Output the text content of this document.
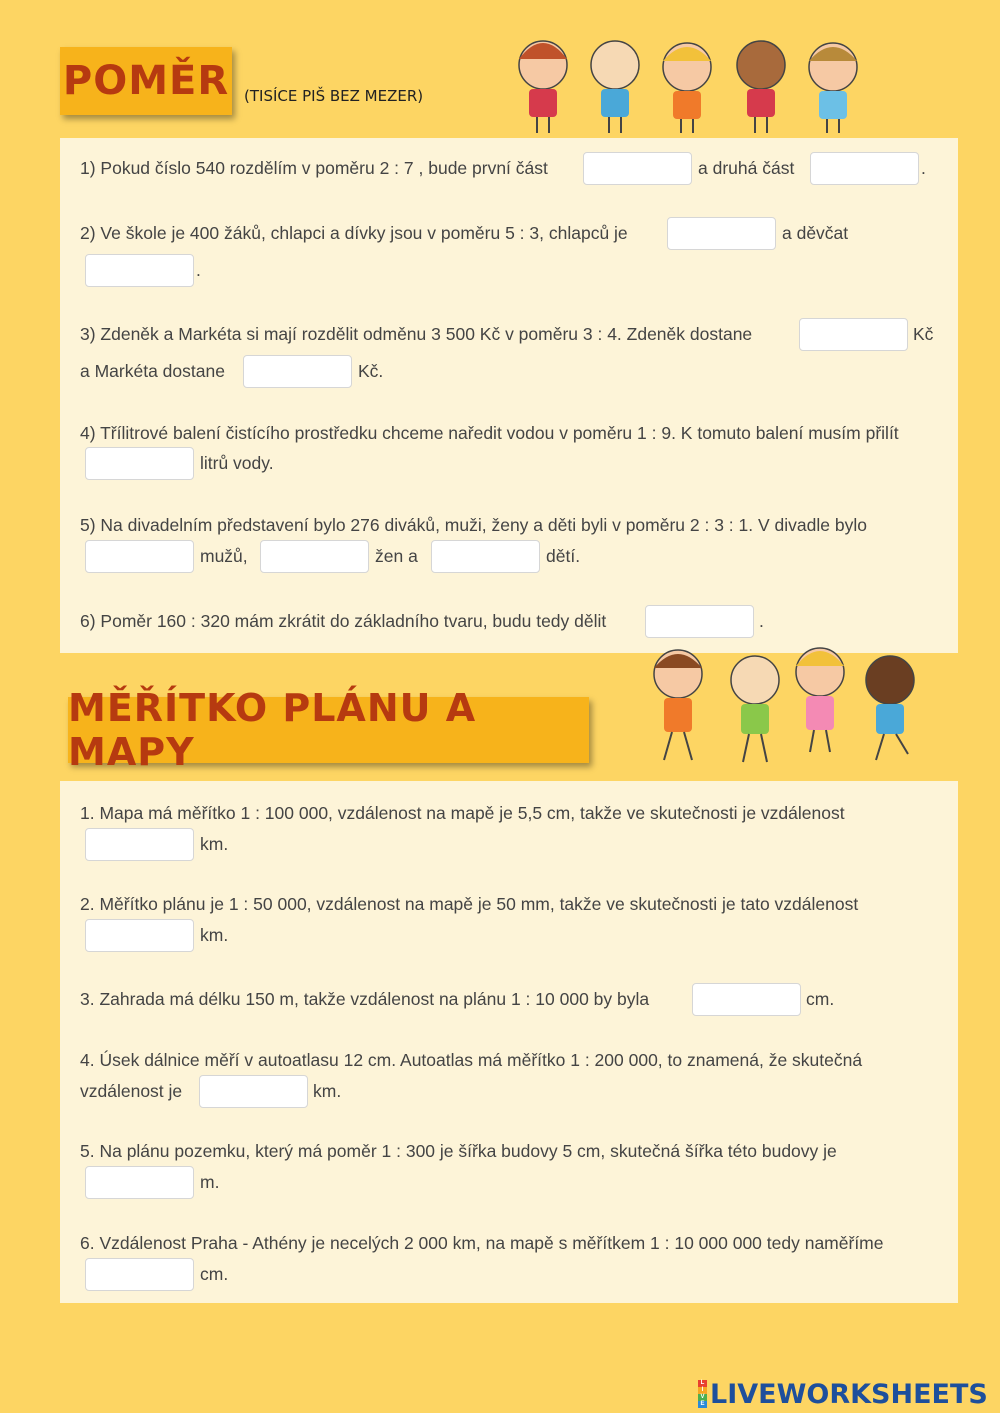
POMĚR (TISÍCE PIŠ BEZ MEZER)
1) Pokud číslo 540 rozdělím v poměru 2 : 7 , bude první část	a druhá část	.
2) Ve škole je 400 žáků, chlapci a dívky jsou v poměru 5 : 3, chlapců je	a děvčat
.
3) Zdeněk a Markéta si mají rozdělit odměnu 3 500 Kč v poměru 3 : 4. Zdeněk dostane	Kč
a Markéta dostane	Kč.
4) Třílitrové balení čistícího prostředku chceme naředit vodou v poměru 1 : 9. K tomuto balení musím přilít
litrů vody.
5) Na divadelním představení bylo 276 diváků, muži, ženy a děti byli v poměru 2 : 3 : 1. V divadle bylo
mužů,	žen a	dětí.
6) Poměr 160 : 320 mám zkrátit do základního tvaru, budu tedy dělit	.
MĚŘÍTKO PLÁNU A MAPY
1. Mapa má měřítko 1 : 100 000, vzdálenost na mapě je 5,5 cm, takže ve skutečnosti je vzdálenost
km.
2. Měřítko plánu je 1 : 50 000, vzdálenost na mapě je 50 mm, takže ve skutečnosti je tato vzdálenost
km.
3. Zahrada má délku 150 m, takže vzdálenost na plánu 1 : 10 000 by byla	cm.
4. Úsek dálnice měří v autoatlasu 12 cm. Autoatlas má měřítko 1 : 200 000, to znamená, že skutečná
vzdálenost je	km.
5. Na plánu pozemku, který má poměr 1 : 300 je šířka budovy 5 cm, skutečná šířka této budovy je
m.
6. Vzdálenost Praha - Athény je necelých 2 000 km, na mapě s měřítkem 1 : 10 000 000 tedy naměříme
cm.
L
I
V
E LIVEWORKSHEETS
